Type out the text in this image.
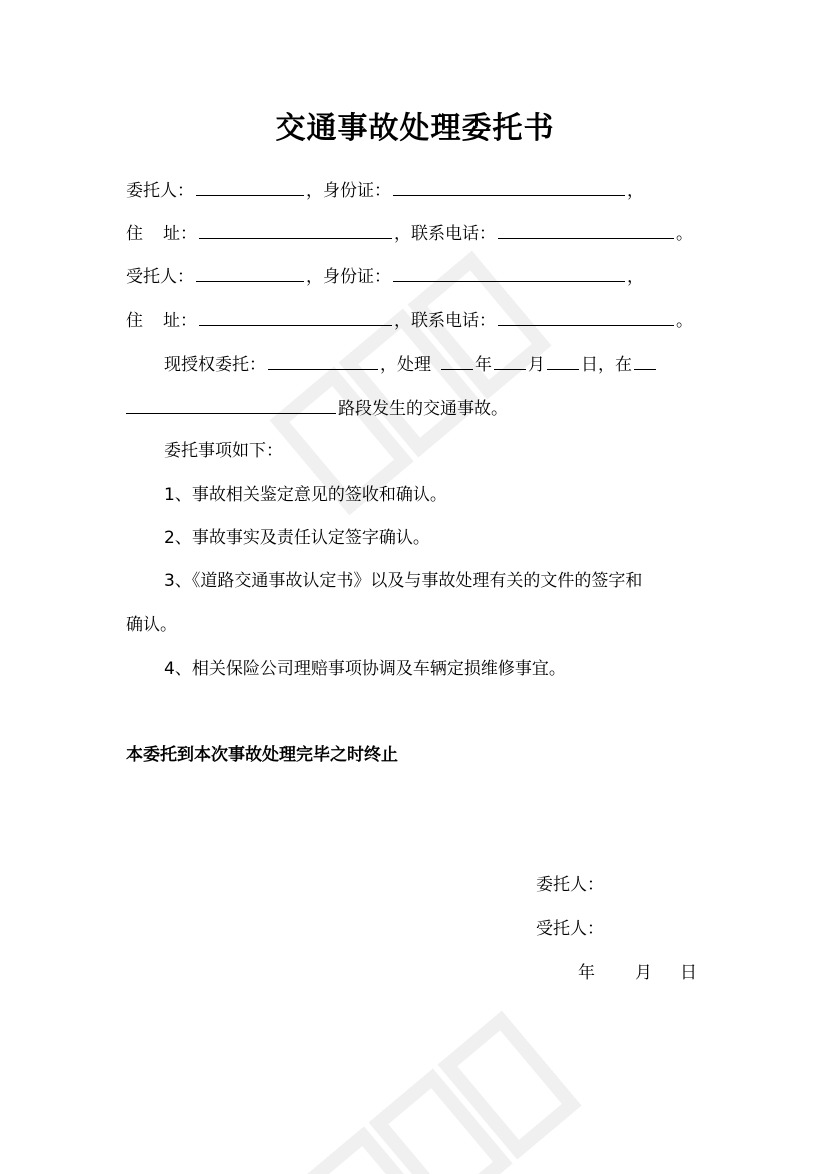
交通事故处理委托书
委托人：	，身份证：	，
住 址：	，联系电话：	。
受托人：	，身份证：	，
住 址：	，联系电话：	。
现授权委托：	，处理	年 月 日，在
路段发生的交通事故。
委托事项如下：
1、事故相关鉴定意见的签收和确认。
2、事故事实及责任认定签字确认。
3、《道路交通事故认定书》以及与事故处理有关的文件的签字和
确认。
4、相关保险公司理赔事项协调及车辆定损维修事宜。
本委托到本次事故处理完毕之时终止
委托人：
受托人：
年 月 日
